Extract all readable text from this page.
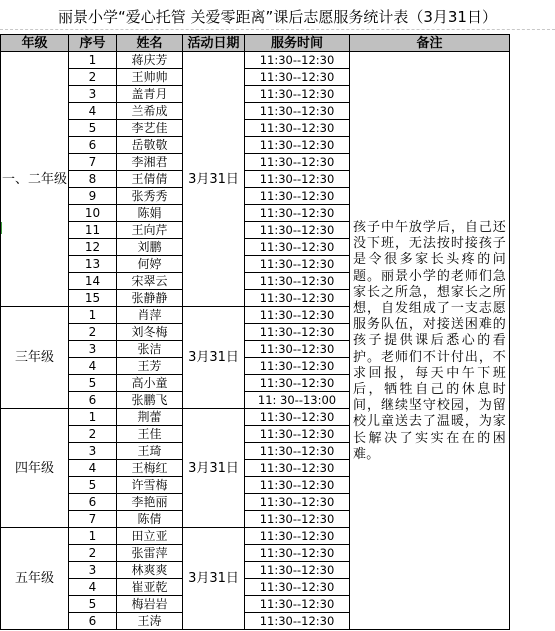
丽景小学“爱心托管 关爱零距离”课后志愿服务统计表（3月31日）
年级	序号	姓名	活动日期	服务时间	备注
一、二年级	1	蒋庆芳	3月31日	11:30--12:30	孩子中午放学后，自己还没下班，无法按时接孩子是令很多家长头疼的问题。丽景小学的老师们急家长之所急，想家长之所想，自发组成了一支志愿服务队伍，对接送困难的孩子提供课后悉心的看护。老师们不计付出，不求回报，每天中午下班后，牺牲自己的休息时间，继续坚守校园，为留校儿童送去了温暖，为家长解决了实实在在的困难。
	2	王帅帅		11:30--12:30	
	3	盖青月		11:30--12:30	
	4	兰希成		11:30--12:30	
	5	李艺佳		11:30--12:30	
	6	岳敬敬		11:30--12:30	
	7	李湘君		11:30--12:30	
	8	王倩倩		11:30--12:30	
	9	张秀秀		11:30--12:30	
	10	陈娟		11:30--12:30	
	11	王向芹		11:30--12:30	
	12	刘鹏		11:30--12:30	
	13	何婷		11:30--12:30	
	14	宋翠云		11:30--12:30	
	15	张静静		11:30--12:30	
三年级	1	肖萍	3月31日	11:30--12:30	
	2	刘冬梅		11:30--12:30	
	3	张洁		11:30--12:30	
	4	王芳		11:30--12:30	
	5	高小童		11:30--12:30	
	6	张鹏飞		11: 30--13:00	
四年级	1	荆蕾	3月31日	11:30--12:30	
	2	王佳		11:30--12:30	
	3	王琦		11:30--12:30	
	4	王梅红		11:30--12:30	
	5	许雪梅		11:30--12:30	
	6	李艳丽		11:30--12:30	
	7	陈倩		11:30--12:30	
五年级	1	田立亚	3月31日	11:30--12:30	
	2	张雷萍		11:30--12:30	
	3	林爽爽		11:30--12:30	
	4	崔亚乾		11:30--12:30	
	5	梅岩岩		11:30--12:30	
	6	王涛		11:30--12:30	
